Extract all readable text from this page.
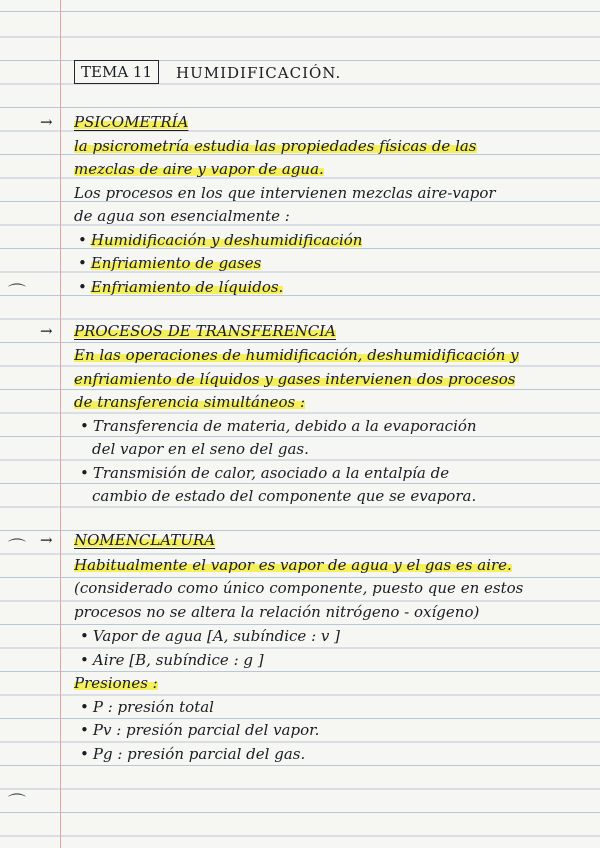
⌒
⌒
⌒
TEMA 11	HUMIDIFICACIÓN.
→ PSICOMETRÍA
la psicrometría estudia las propiedades físicas de las
mezclas de aire y vapor de agua.
Los procesos en los que intervienen mezclas aire-vapor
de agua son esencialmente :
• Humidificación y deshumidificación
• Enfriamiento de gases
• Enfriamiento de líquidos.
→ PROCESOS DE TRANSFERENCIA
En las operaciones de humidificación, deshumidificación y
enfriamiento de líquidos y gases intervienen dos procesos
de transferencia simultáneos :
• Transferencia de materia, debido a la evaporación
del vapor en el seno del gas.
• Transmisión de calor, asociado a la entalpía de
cambio de estado del componente que se evapora.
→ NOMENCLATURA
Habitualmente el vapor es vapor de agua y el gas es aire.
(considerado como único componente, puesto que en estos
procesos no se altera la relación nitrógeno - oxígeno)
• Vapor de agua [A, subíndice : v ]
• Aire [B, subíndice : g ]
Presiones :
• P : presión total
• Pv : presión parcial del vapor.
• Pg : presión parcial del gas.
